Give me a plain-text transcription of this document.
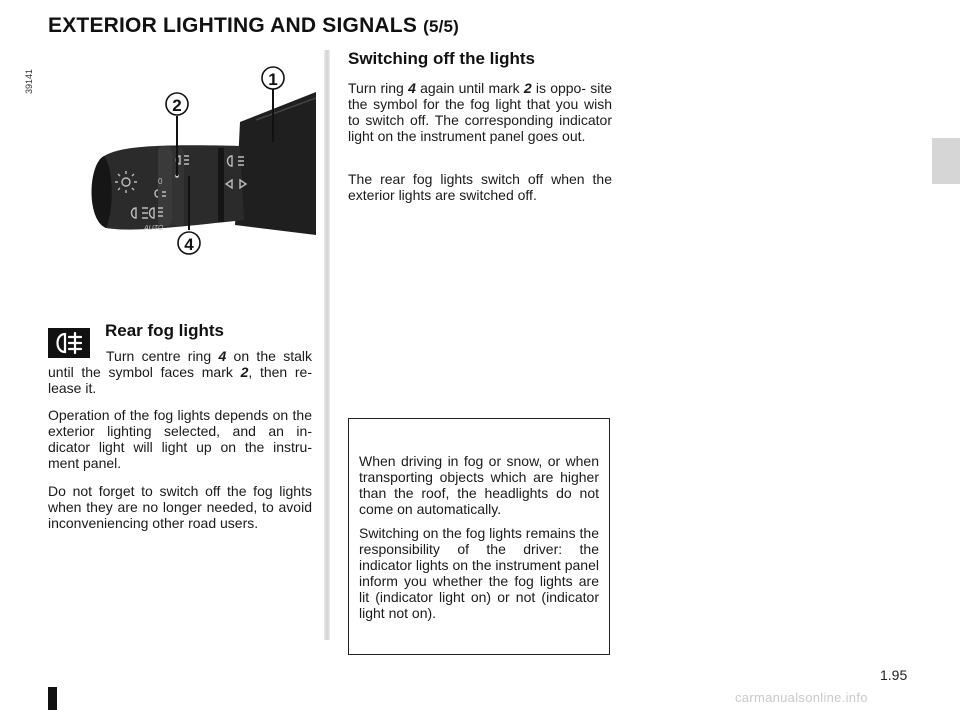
EXTERIOR LIGHTING AND SIGNALS (5/5)
39141
0
AUTO
2
1
4
Rear fog lights

Turn centre ring 4 on the stalk until the symbol faces mark 2, then re- lease it.

Operation of the fog lights depends on the exterior lighting selected, and an in- dicator light will light up on the instru- ment panel.

Do not forget to switch off the fog lights when they are no longer needed, to avoid inconveniencing other road users.

Switching off the lights

Turn ring 4 again until mark 2 is oppo- site the symbol for the fog light that you wish to switch off. The corresponding indicator light on the instrument panel goes out.

The rear fog lights switch off when the exterior lights are switched off.

When driving in fog or snow, or when transporting objects which are higher than the roof, the headlights do not come on automatically.

Switching on the fog lights remains the responsibility of the driver: the indicator lights on the instrument panel inform you whether the fog lights are lit (indicator light on) or not (indicator light not on).

1.95
carmanualsonline.info
